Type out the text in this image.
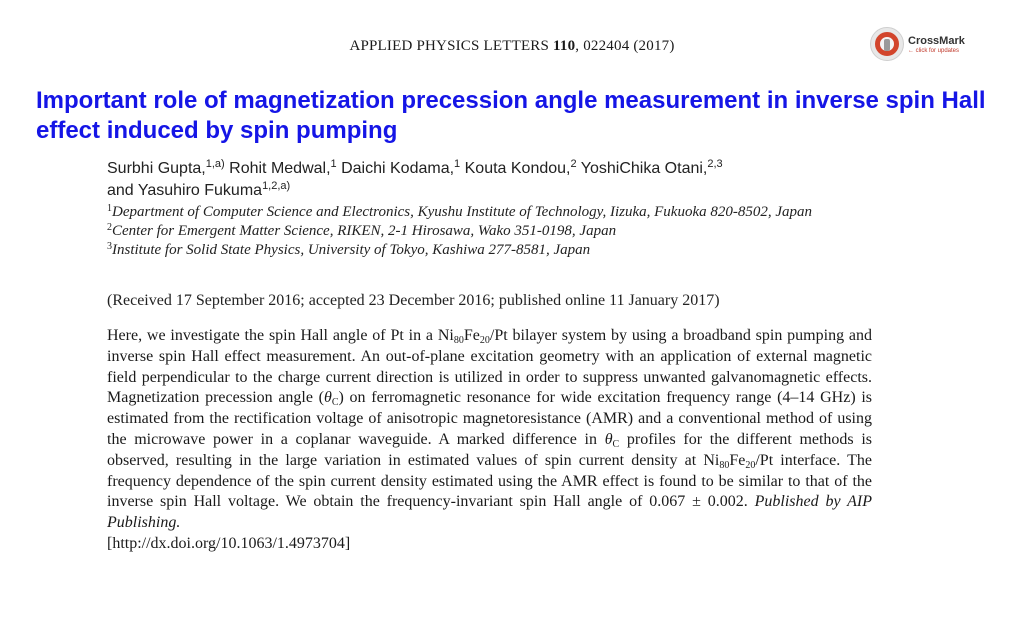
APPLIED PHYSICS LETTERS 110, 022404 (2017)	CrossMark
← click for updates
Important role of magnetization precession angle measurement in inverse spin Hall effect induced by spin pumping
Surbhi Gupta,$^{1,a)}$ Rohit Medwal,$^1$ Daichi Kodama,$^1$ Kouta Kondou,$^2$ YoshiChika Otani,$^{2,3}$
and Yasuhiro Fukuma$^{1,2,a)}$
$^1$Department of Computer Science and Electronics, Kyushu Institute of Technology, Iizuka, Fukuoka 820-8502, Japan
$^2$Center for Emergent Matter Science, RIKEN, 2-1 Hirosawa, Wako 351-0198, Japan
$^3$Institute for Solid State Physics, University of Tokyo, Kashiwa 277-8581, Japan
(Received 17 September 2016; accepted 23 December 2016; published online 11 January 2017)
Here, we investigate the spin Hall angle of Pt in a $Ni_{80}Fe_{20}/Pt$ bilayer system by using a broadband spin pumping and inverse spin Hall effect measurement. An out-of-plane excitation geometry with an application of external magnetic field perpendicular to the charge current direction is utilized in order to suppress unwanted galvanomagnetic effects. Magnetization precession angle $(\theta_C)$ on ferromagnetic resonance for wide excitation frequency range (4–14 GHz) is estimated from the rectification voltage of anisotropic magnetoresistance (AMR) and a conventional method of using the microwave power in a coplanar waveguide. A marked difference in $\theta_C$ profiles for the different methods is observed, resulting in the large variation in estimated values of spin current density at $Ni_{80}Fe_{20}/Pt$ interface. The frequency dependence of the spin current density estimated using the AMR effect is found to be similar to that of the inverse spin Hall voltage. We obtain the frequency-invariant spin Hall angle of 0.067 ± 0.002. Published by AIP Publishing.
[http://dx.doi.org/10.1063/1.4973704]
